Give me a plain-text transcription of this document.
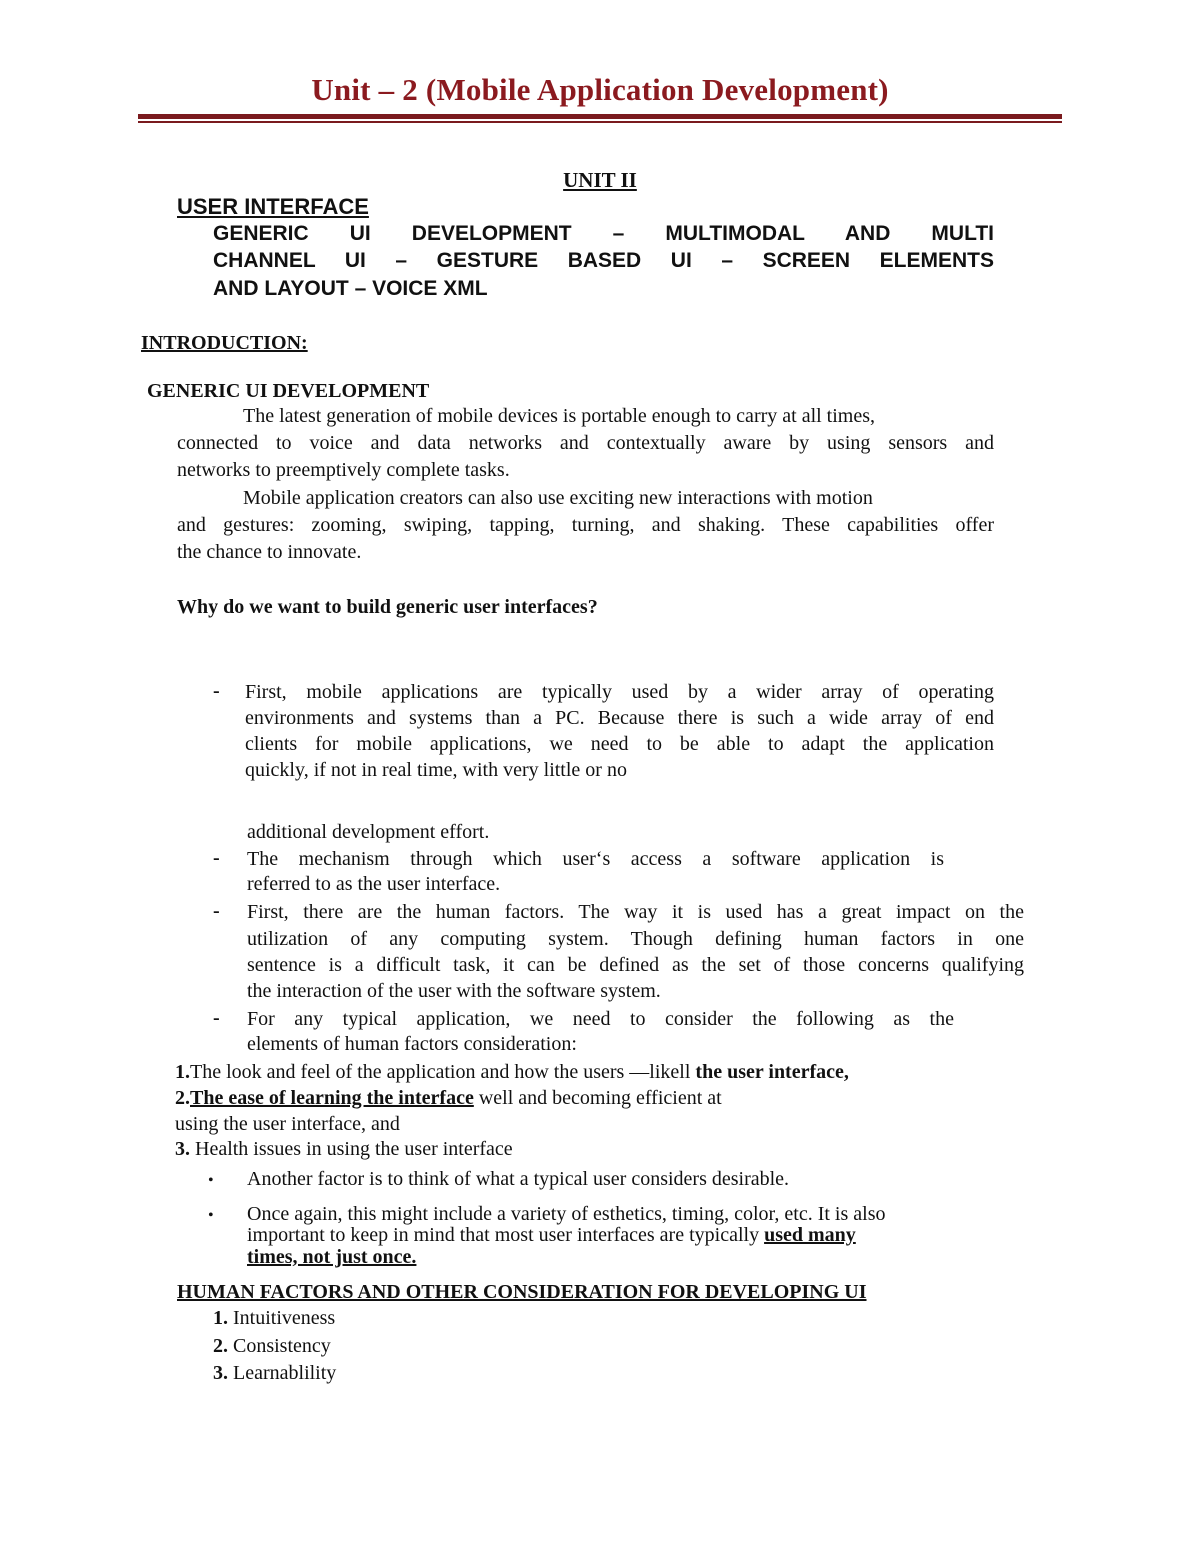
Unit – 2 (Mobile Application Development)
UNIT II
USER INTERFACE
GENERIC UI DEVELOPMENT – MULTIMODAL AND MULTI
CHANNEL UI – GESTURE BASED UI – SCREEN ELEMENTS
AND LAYOUT – VOICE XML
INTRODUCTION:
GENERIC UI DEVELOPMENT
The latest generation of mobile devices is portable enough to carry at all times,
connected to voice and data networks and contextually aware by using sensors and
networks to preemptively complete tasks.
Mobile application creators can also use exciting new interactions with motion
and gestures: zooming, swiping, tapping, turning, and shaking. These capabilities offer
the chance to innovate.
Why do we want to build generic user interfaces?
- First, mobile applications are typically used by a wider array of operating
environments and systems than a PC. Because there is such a wide array of end
clients for mobile applications, we need to be able to adapt the application
quickly, if not in real time, with very little or no
additional development effort.
- The mechanism through which user‘s access a software application is
referred to as the user interface.
- First, there are the human factors. The way it is used has a great impact on the
utilization of any computing system. Though defining human factors in one
sentence is a difficult task, it can be defined as the set of those concerns qualifying
the interaction of the user with the software system.
- For any typical application, we need to consider the following as the
elements of human factors consideration:
1.The look and feel of the application and how the users ―likell the user interface,
2.The ease of learning the interface well and becoming efficient at
using the user interface, and
3. Health issues in using the user interface
• Another factor is to think of what a typical user considers desirable.
• Once again, this might include a variety of esthetics, timing, color, etc. It is also
important to keep in mind that most user interfaces are typically used many
times, not just once.
HUMAN FACTORS AND OTHER CONSIDERATION FOR DEVELOPING UI
1. Intuitiveness
2. Consistency
3. Learnablility
